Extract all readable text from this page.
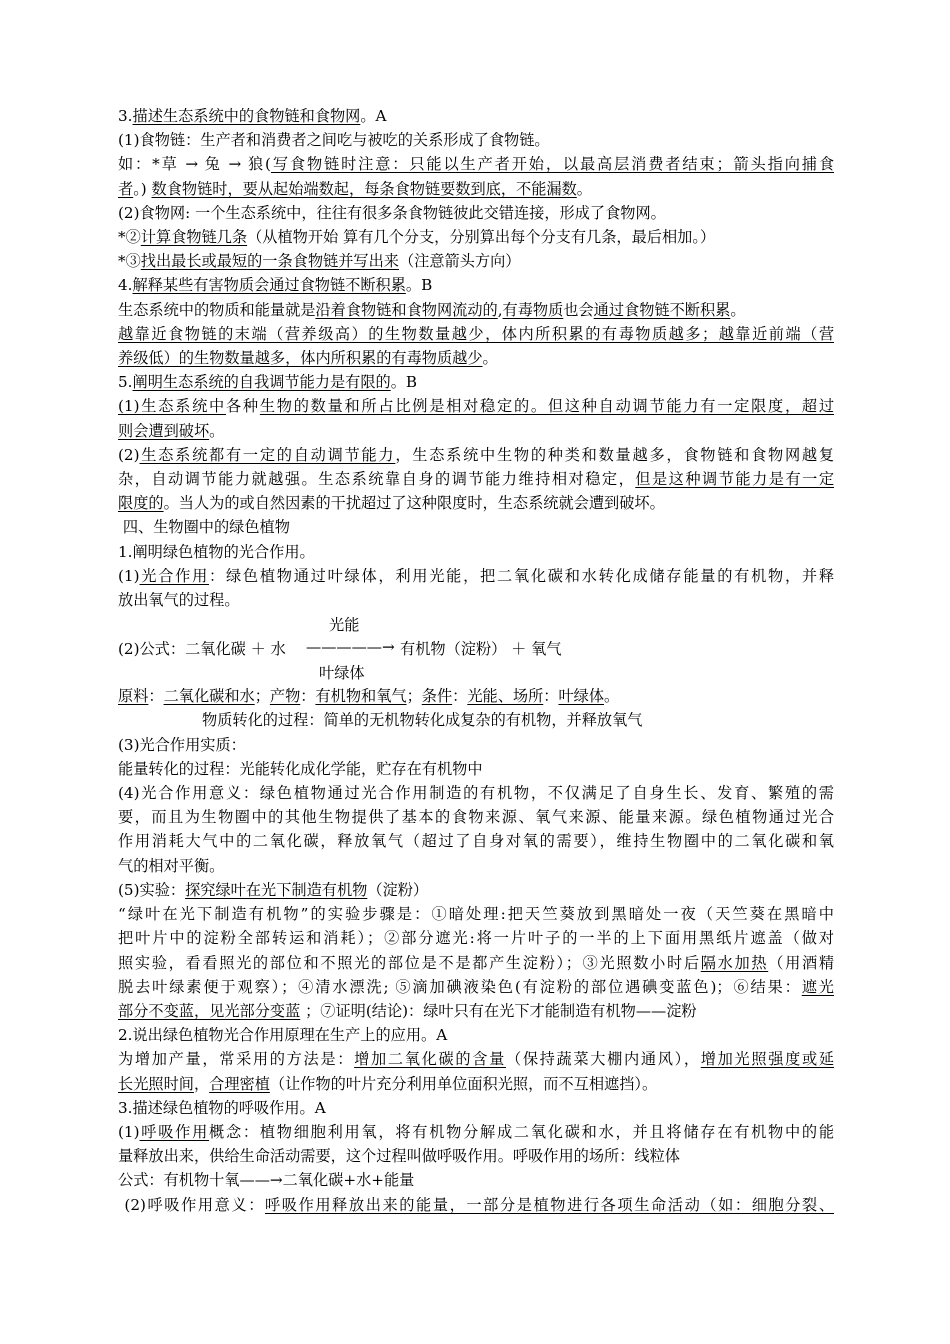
3.描述生态系统中的食物链和食物网。A
(1)食物链：生产者和消费者之间吃与被吃的关系形成了食物链。
如：*草 → 兔 → 狼(写食物链时注意：只能以生产者开始，以最高层消费者结束；箭头指向捕食
者。) 数食物链时，要从起始端数起，每条食物链要数到底，不能漏数。
(2)食物网: 一个生态系统中，往往有很多条食物链彼此交错连接，形成了食物网。
*②计算食物链几条（从植物开始 算有几个分支，分别算出每个分支有几条，最后相加。）
*③找出最长或最短的一条食物链并写出来（注意箭头方向）
4.解释某些有害物质会通过食物链不断积累。B
生态系统中的物质和能量就是沿着食物链和食物网流动的,有毒物质也会通过食物链不断积累。
越靠近食物链的末端（营养级高）的生物数量越少，体内所积累的有毒物质越多；越靠近前端（营
养级低）的生物数量越多，体内所积累的有毒物质越少。
5.阐明生态系统的自我调节能力是有限的。B
(1)生态系统中各种生物的数量和所占比例是相对稳定的。但这种自动调节能力有一定限度，超过
则会遭到破坏。
(2)生态系统都有一定的自动调节能力，生态系统中生物的种类和数量越多，食物链和食物网越复
杂，自动调节能力就越强。生态系统靠自身的调节能力维持相对稳定，但是这种调节能力是有一定
限度的。当人为的或自然因素的干扰超过了这种限度时，生态系统就会遭到破坏。
四、生物圈中的绿色植物
1.阐明绿色植物的光合作用。
(1)光合作用：绿色植物通过叶绿体，利用光能，把二氧化碳和水转化成储存能量的有机物，并释
放出氧气的过程。
光能
(2)公式：二氧化碳 ＋ 水 —————→ 有机物（淀粉） ＋ 氧气
叶绿体
原料：二氧化碳和水；产物：有机物和氧气；条件：光能、场所：叶绿体。
物质转化的过程：简单的无机物转化成复杂的有机物，并释放氧气
(3)光合作用实质：
能量转化的过程：光能转化成化学能，贮存在有机物中
(4)光合作用意义：绿色植物通过光合作用制造的有机物，不仅满足了自身生长、发育、繁殖的需
要，而且为生物圈中的其他生物提供了基本的食物来源、氧气来源、能量来源。绿色植物通过光合
作用消耗大气中的二氧化碳，释放氧气（超过了自身对氧的需要），维持生物圈中的二氧化碳和氧
气的相对平衡。
(5)实验：探究绿叶在光下制造有机物（淀粉）
“绿叶在光下制造有机物”的实验步骤是：①暗处理:把天竺葵放到黑暗处一夜（天竺葵在黑暗中
把叶片中的淀粉全部转运和消耗）；②部分遮光:将一片叶子的一半的上下面用黑纸片遮盖（做对
照实验，看看照光的部位和不照光的部位是不是都产生淀粉）；③光照数小时后隔水加热（用酒精
脱去叶绿素便于观察）；④清水漂洗; ⑤滴加碘液染色(有淀粉的部位遇碘变蓝色)；⑥结果：遮光
部分不变蓝，见光部分变蓝 ；⑦证明(结论)：绿叶只有在光下才能制造有机物——淀粉
2.说出绿色植物光合作用原理在生产上的应用。A
为增加产量，常采用的方法是：增加二氧化碳的含量（保持蔬菜大棚内通风），增加光照强度或延
长光照时间，合理密植（让作物的叶片充分利用单位面积光照，而不互相遮挡）。
3.描述绿色植物的呼吸作用。A
(1)呼吸作用概念：植物细胞利用氧，将有机物分解成二氧化碳和水，并且将储存在有机物中的能
量释放出来，供给生命活动需要，这个过程叫做呼吸作用。呼吸作用的场所：线粒体
公式：有机物十氧——→二氧化碳+水+能量
(2)呼吸作用意义：呼吸作用释放出来的能量，一部分是植物进行各项生命活动（如：细胞分裂、
